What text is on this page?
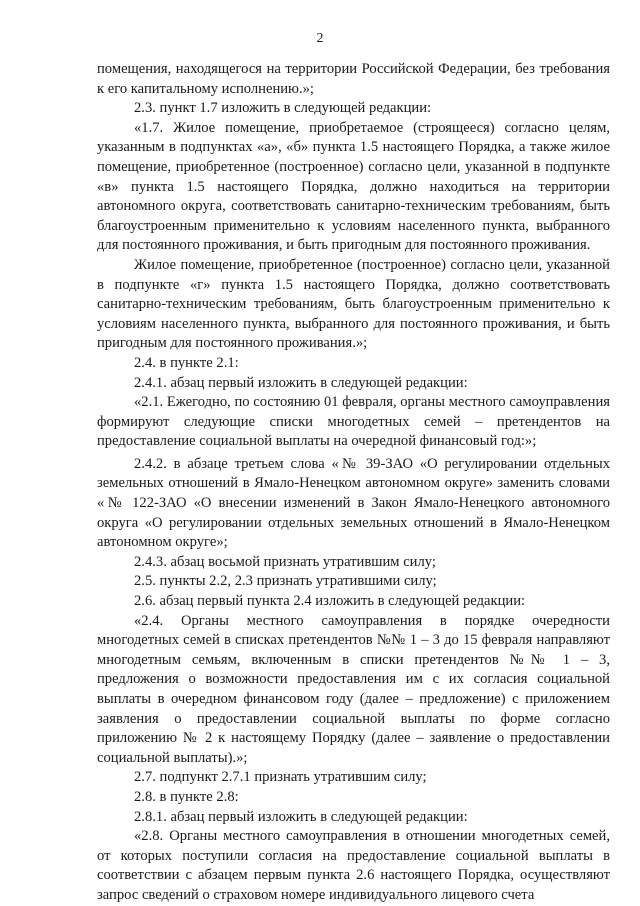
2

помещения, находящегося на территории Российской Федерации, без требования к его капитальному исполнению.»;

2.3. пункт 1.7 изложить в следующей редакции:

«1.7. Жилое помещение, приобретаемое (строящееся) согласно целям, указанным в подпунктах «а», «б» пункта 1.5 настоящего Порядка, а также жилое помещение, приобретенное (построенное) согласно цели, указанной в подпункте «в» пункта 1.5 настоящего Порядка, должно находиться на территории автономного округа, соответствовать санитарно-техническим требованиям, быть благоустроенным применительно к условиям населенного пункта, выбранного для постоянного проживания, и быть пригодным для постоянного проживания.

Жилое помещение, приобретенное (построенное) согласно цели, указанной в подпункте «г» пункта 1.5 настоящего Порядка, должно соответствовать санитарно-техническим требованиям, быть благоустроенным применительно к условиям населенного пункта, выбранного для постоянного проживания, и быть пригодным для постоянного проживания.»;

2.4. в пункте 2.1:

2.4.1. абзац первый изложить в следующей редакции:

«2.1. Ежегодно, по состоянию 01 февраля, органы местного самоуправления формируют следующие списки многодетных семей – претендентов на предоставление социальной выплаты на очередной финансовый год:»;

2.4.2. в абзаце третьем слова «№ 39-ЗАО «О регулировании отдельных земельных отношений в Ямало-Ненецком автономном округе» заменить словами «№ 122-ЗАО «О внесении изменений в Закон Ямало-Ненецкого автономного округа «О регулировании отдельных земельных отношений в Ямало-Ненецком автономном округе»;

2.4.3. абзац восьмой признать утратившим силу;

2.5. пункты 2.2, 2.3 признать утратившими силу;

2.6. абзац первый пункта 2.4 изложить в следующей редакции:

«2.4. Органы местного самоуправления в порядке очередности многодетных семей в списках претендентов №№ 1 – 3 до 15 февраля направляют многодетным семьям, включенным в списки претендентов №№ 1 – 3, предложения о возможности предоставления им с их согласия социальной выплаты в очередном финансовом году (далее – предложение) с приложением заявления о предоставлении социальной выплаты по форме согласно приложению № 2 к настоящему Порядку (далее – заявление о предоставлении социальной выплаты).»;

2.7. подпункт 2.7.1 признать утратившим силу;

2.8. в пункте 2.8:

2.8.1. абзац первый изложить в следующей редакции:

«2.8. Органы местного самоуправления в отношении многодетных семей, от которых поступили согласия на предоставление социальной выплаты в соответствии с абзацем первым пункта 2.6 настоящего Порядка, осуществляют запрос сведений о страховом номере индивидуального лицевого счета
